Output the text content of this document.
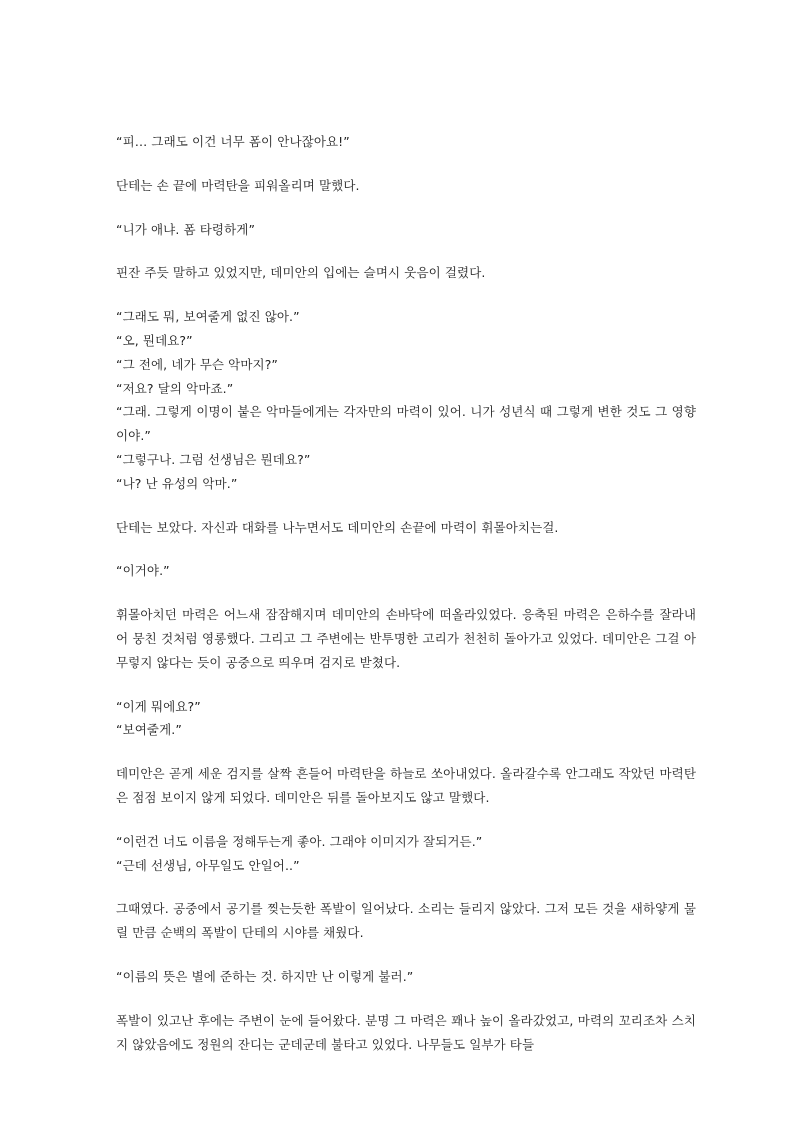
“피… 그래도 이건 너무 폼이 안나잖아요!”

단테는 손 끝에 마력탄을 피워올리며 말했다.

“니가 애냐. 폼 타령하게”

핀잔 주듯 말하고 있었지만, 데미안의 입에는 슬며시 웃음이 걸렸다.

“그래도 뭐, 보여줄게 없진 않아.”
“오, 뭔데요?”
“그 전에, 네가 무슨 악마지?”
“저요? 달의 악마죠.”
“그래. 그렇게 이명이 붙은 악마들에게는 각자만의 마력이 있어. 니가 성년식 때 그렇게 변한 것도 그 영향이야.”
“그렇구나. 그럼 선생님은 뭔데요?”
“나? 난 유성의 악마.”

단테는 보았다. 자신과 대화를 나누면서도 데미안의 손끝에 마력이 휘몰아치는걸.

“이거야.”

휘몰아치던 마력은 어느새 잠잠해지며 데미안의 손바닥에 떠올라있었다. 응축된 마력은 은하수를 잘라내어 뭉친 것처럼 영롱했다. 그리고 그 주변에는 반투명한 고리가 천천히 돌아가고 있었다. 데미안은 그걸 아무렇지 않다는 듯이 공중으로 띄우며 검지로 받쳤다.

“이게 뭐에요?”
“보여줄게.”

데미안은 곧게 세운 검지를 살짝 흔들어 마력탄을 하늘로 쏘아내었다. 올라갈수록 안그래도 작았던 마력탄은 점점 보이지 않게 되었다. 데미안은 뒤를 돌아보지도 않고 말했다.

“이런건 너도 이름을 정해두는게 좋아. 그래야 이미지가 잘되거든.”
“근데 선생님, 아무일도 안일어..”

그때였다. 공중에서 공기를 찢는듯한 폭발이 일어났다. 소리는 들리지 않았다. 그저 모든 것을 새하얗게 물릴 만큼 순백의 폭발이 단테의 시야를 채웠다.

“이름의 뜻은 별에 준하는 것. 하지만 난 이렇게 불러.”

폭발이 있고난 후에는 주변이 눈에 들어왔다. 분명 그 마력은 꽤나 높이 올라갔었고, 마력의 꼬리조차 스치지 않았음에도 정원의 잔디는 군데군데 불타고 있었다. 나무들도 일부가 타들
